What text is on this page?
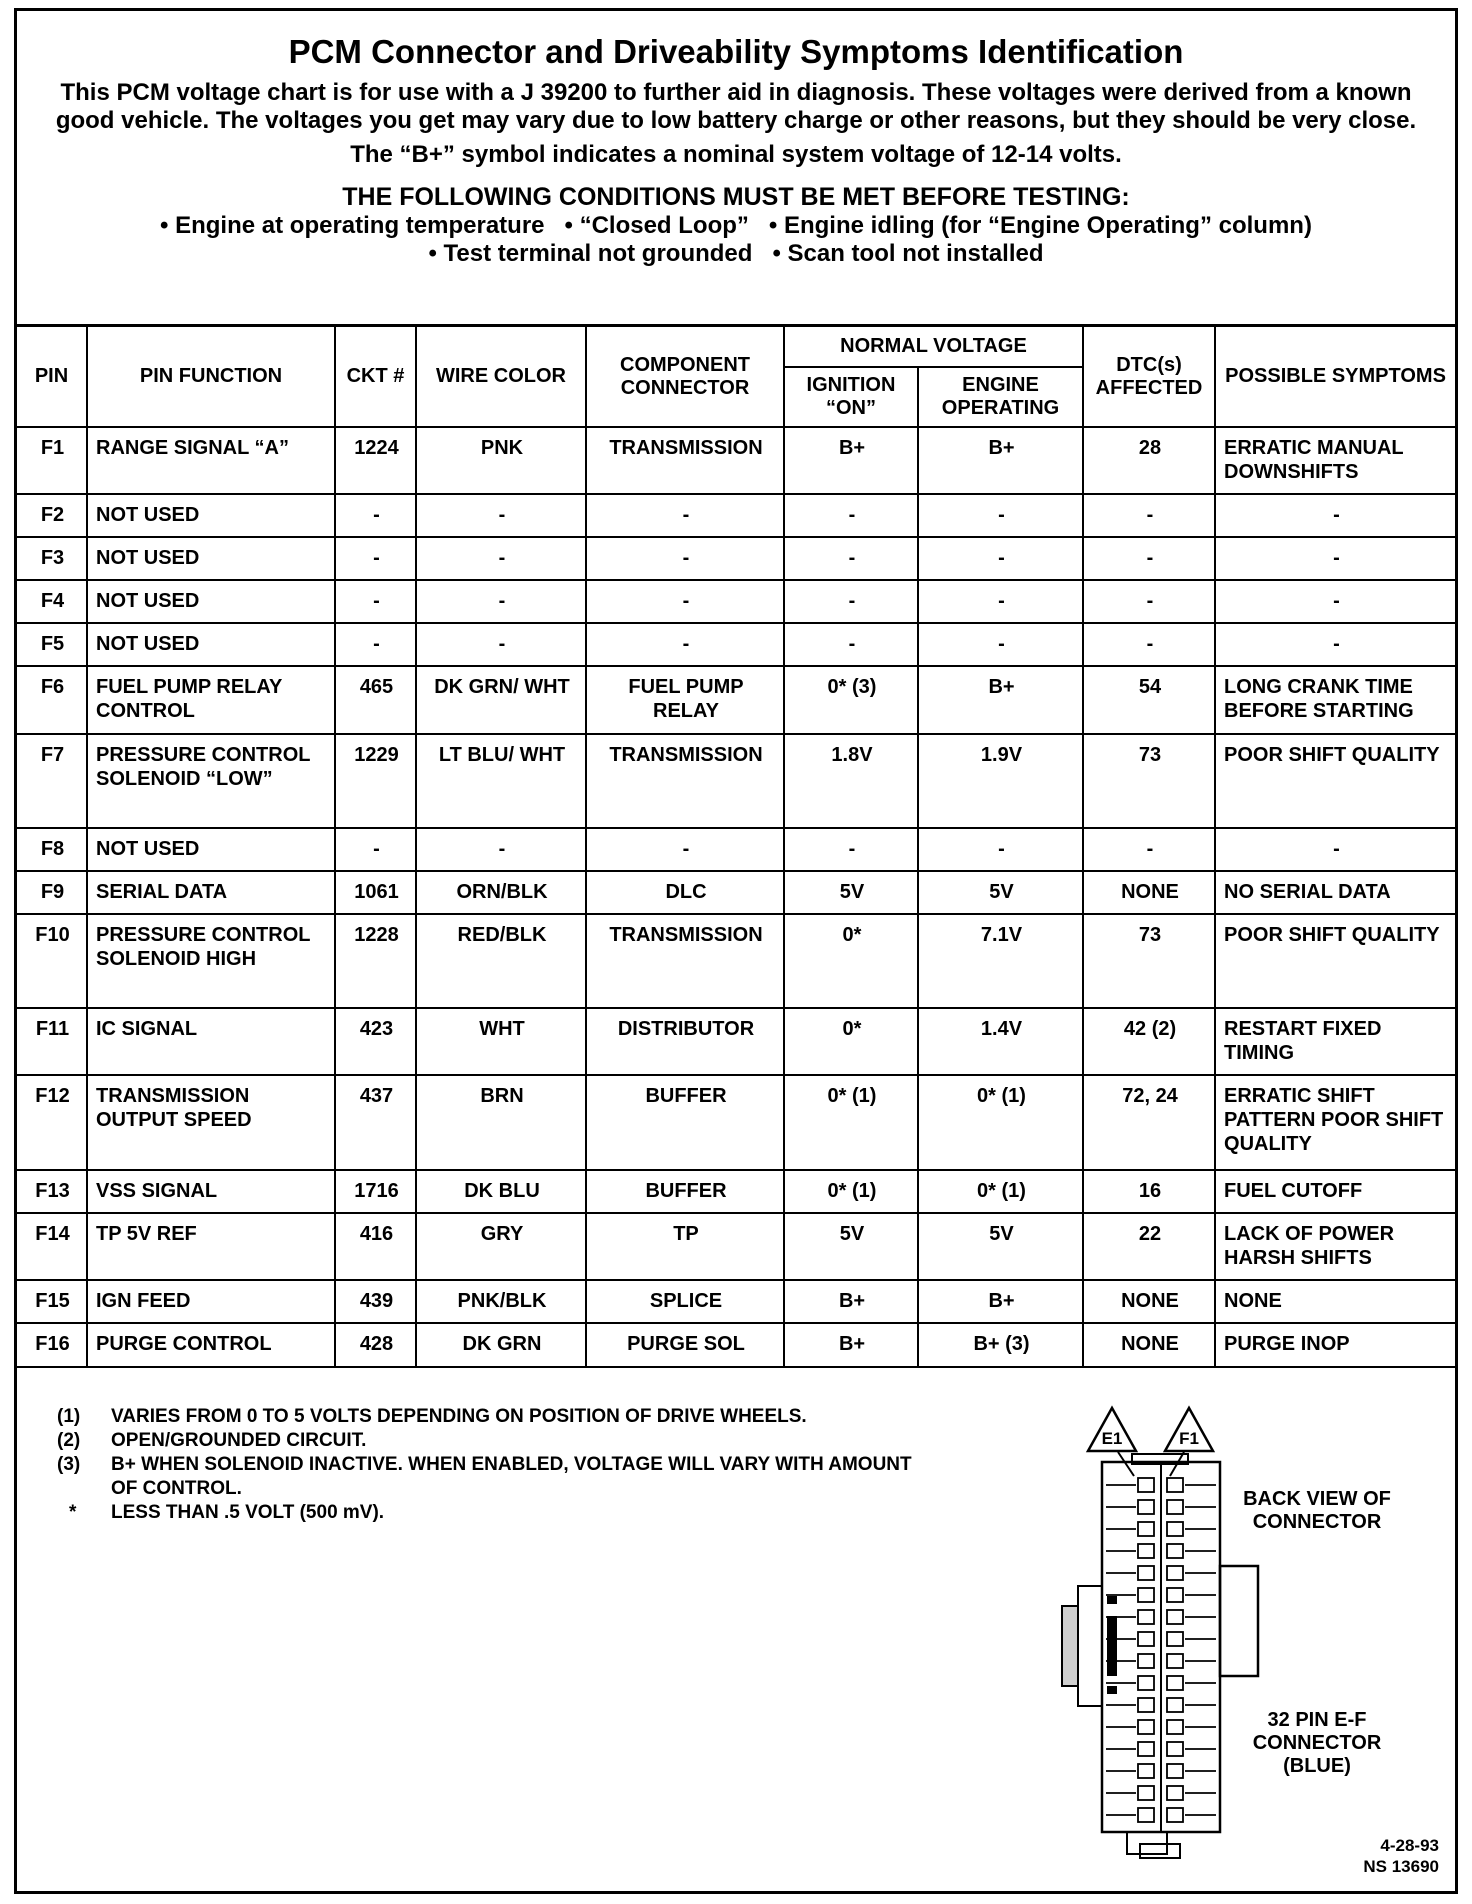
PCM Connector and Driveability Symptoms Identification
This PCM voltage chart is for use with a J 39200 to further aid in diagnosis. These voltages were derived from a known good vehicle. The voltages you get may vary due to low battery charge or other reasons, but they should be very close.
The “B+” symbol indicates a nominal system voltage of 12-14 volts.
THE FOLLOWING CONDITIONS MUST BE MET BEFORE TESTING:
• Engine at operating temperature   • “Closed Loop”   • Engine idling (for “Engine Operating” column)
• Test terminal not grounded   • Scan tool not installed
PIN	PIN FUNCTION	CKT #	WIRE COLOR	COMPONENT CONNECTOR	NORMAL VOLTAGE		DTC(s) AFFECTED	POSSIBLE SYMPTOMS
					IGNITION “ON”	ENGINE OPERATING		
F1	RANGE SIGNAL “A”	1224	PNK	TRANSMISSION	B+	B+	28	ERRATIC MANUAL DOWNSHIFTS
F2	NOT USED	-	-	-	-	-	-	-
F3	NOT USED	-	-	-	-	-	-	-
F4	NOT USED	-	-	-	-	-	-	-
F5	NOT USED	-	-	-	-	-	-	-
F6	FUEL PUMP RELAY CONTROL	465	DK GRN/ WHT	FUEL PUMP RELAY	0* (3)	B+	54	LONG CRANK TIME BEFORE STARTING
F7	PRESSURE CONTROL SOLENOID “LOW”	1229	LT BLU/ WHT	TRANSMISSION	1.8V	1.9V	73	POOR SHIFT QUALITY
F8	NOT USED	-	-	-	-	-	-	-
F9	SERIAL DATA	1061	ORN/BLK	DLC	5V	5V	NONE	NO SERIAL DATA
F10	PRESSURE CONTROL SOLENOID HIGH	1228	RED/BLK	TRANSMISSION	0*	7.1V	73	POOR SHIFT QUALITY
F11	IC SIGNAL	423	WHT	DISTRIBUTOR	0*	1.4V	42 (2)	RESTART FIXED TIMING
F12	TRANSMISSION OUTPUT SPEED	437	BRN	BUFFER	0* (1)	0* (1)	72, 24	ERRATIC SHIFT PATTERN POOR SHIFT QUALITY
F13	VSS SIGNAL	1716	DK BLU	BUFFER	0* (1)	0* (1)	16	FUEL CUTOFF
F14	TP 5V REF	416	GRY	TP	5V	5V	22	LACK OF POWER HARSH SHIFTS
F15	IGN FEED	439	PNK/BLK	SPLICE	B+	B+	NONE	NONE
F16	PURGE CONTROL	428	DK GRN	PURGE SOL	B+	B+ (3)	NONE	PURGE INOP
(1)	VARIES FROM 0 TO 5 VOLTS DEPENDING ON POSITION OF DRIVE WHEELS.
(2)	OPEN/GROUNDED CIRCUIT.
(3)	B+ WHEN SOLENOID INACTIVE. WHEN ENABLED, VOLTAGE WILL VARY WITH AMOUNT OF CONTROL.
*	LESS THAN .5 VOLT (500 mV).
E1	F1
BACK VIEW OF CONNECTOR
32 PIN E-F CONNECTOR (BLUE)
4-28-93
NS 13690
